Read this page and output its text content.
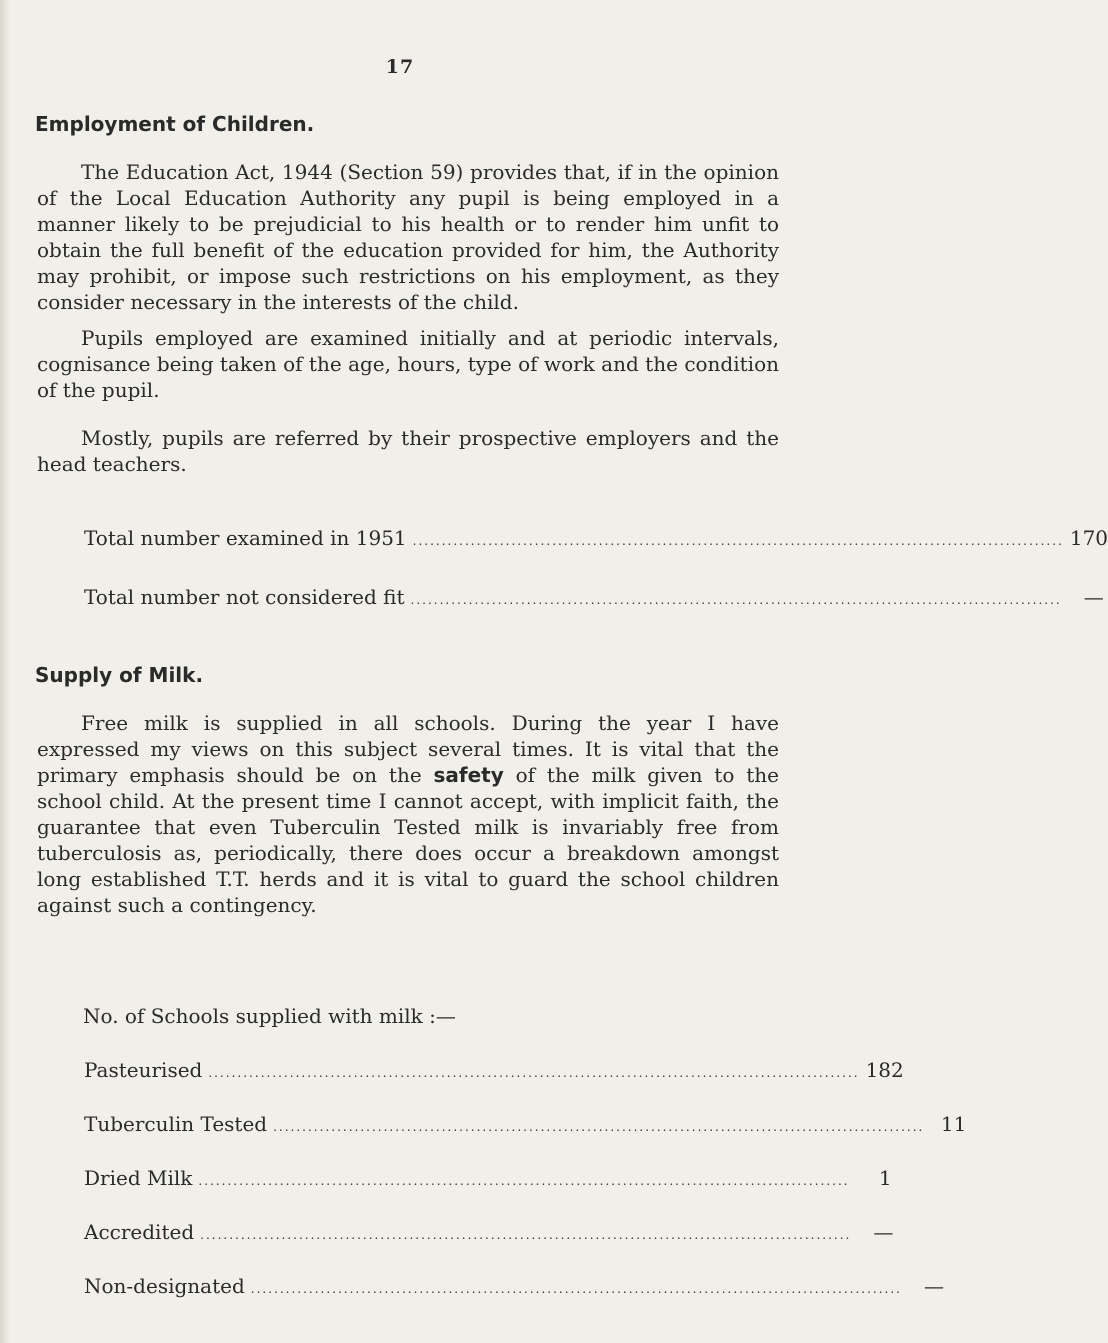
17
Employment of Children.

The Education Act, 1944 (Section 59) provides that, if in the opinion of the Local Education Authority any pupil is being employed in a manner likely to be prejudicial to his health or to render him unfit to obtain the full benefit of the education provided for him, the Authority may prohibit, or impose such restrictions on his employment, as they consider necessary in the interests of the child.

Pupils employed are examined initially and at periodic intervals, cognisance being taken of the age, hours, type of work and the condition of the pupil.

Mostly, pupils are referred by their prospective employers and the head teachers.

Total number examined in 1951 ................................................................................................................ 170
Total number not considered fit ................................................................................................................	—
Supply of Milk.

Free milk is supplied in all schools. During the year I have expressed my views on this subject several times. It is vital that the primary emphasis should be on the safety of the milk given to the school child. At the present time I cannot accept, with implicit faith, the guarantee that even Tuberculin Tested milk is invariably free from tuberculosis as, periodically, there does occur a breakdown amongst long established T.T. herds and it is vital to guard the school children against such a contingency.

No. of Schools supplied with milk :—
Pasteurised ................................................................................................................ 182
Tuberculin Tested ................................................................................................................ 11
Dried Milk ................................................................................................................	1
Accredited ................................................................................................................	—
Non-designated ................................................................................................................	—
